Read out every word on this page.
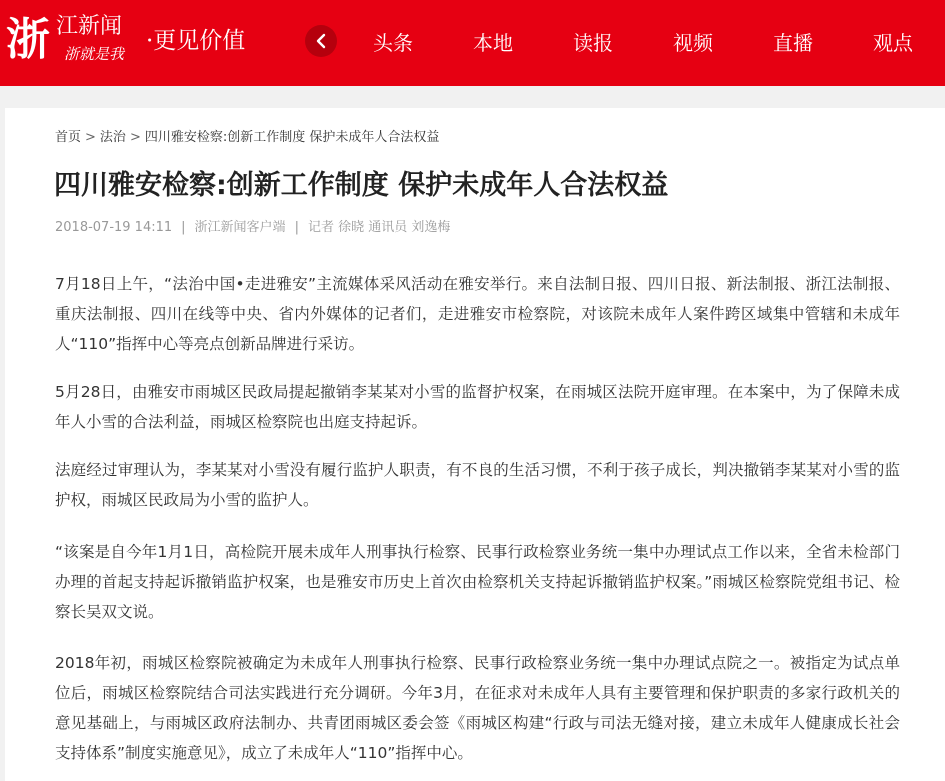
浙 江新闻
浙就是我 ·更见价值	头条	本地	读报	视频	直播	观点
首页 > 法治 > 四川雅安检察:创新工作制度 保护未成年人合法权益
四川雅安检察:创新工作制度 保护未成年人合法权益
2018-07-19 14:11 | 浙江新闻客户端 | 记者 徐晓 通讯员 刘逸梅

7月18日上午，“法治中国•走进雅安”主流媒体采风活动在雅安举行。来自法制日报、四川日报、新法制报、浙江法制报、重庆法制报、四川在线等中央、省内外媒体的记者们，走进雅安市检察院，对该院未成年人案件跨区域集中管辖和未成年人“110”指挥中心等亮点创新品牌进行采访。

5月28日，由雅安市雨城区民政局提起撤销李某某对小雪的监督护权案，在雨城区法院开庭审理。在本案中，为了保障未成年人小雪的合法利益，雨城区检察院也出庭支持起诉。

法庭经过审理认为，李某某对小雪没有履行监护人职责，有不良的生活习惯，不利于孩子成长，判决撤销李某某对小雪的监护权，雨城区民政局为小雪的监护人。

“该案是自今年1月1日，高检院开展未成年人刑事执行检察、民事行政检察业务统一集中办理试点工作以来，全省未检部门办理的首起支持起诉撤销监护权案，也是雅安市历史上首次由检察机关支持起诉撤销监护权案。”雨城区检察院党组书记、检察长吴双文说。

2018年初，雨城区检察院被确定为未成年人刑事执行检察、民事行政检察业务统一集中办理试点院之一。被指定为试点单位后，雨城区检察院结合司法实践进行充分调研。今年3月，在征求对未成年人具有主要管理和保护职责的多家行政机关的意见基础上，与雨城区政府法制办、共青团雨城区委会签《雨城区构建“行政与司法无缝对接，建立未成年人健康成长社会支持体系”制度实施意见》，成立了未成年人“110”指挥中心。
